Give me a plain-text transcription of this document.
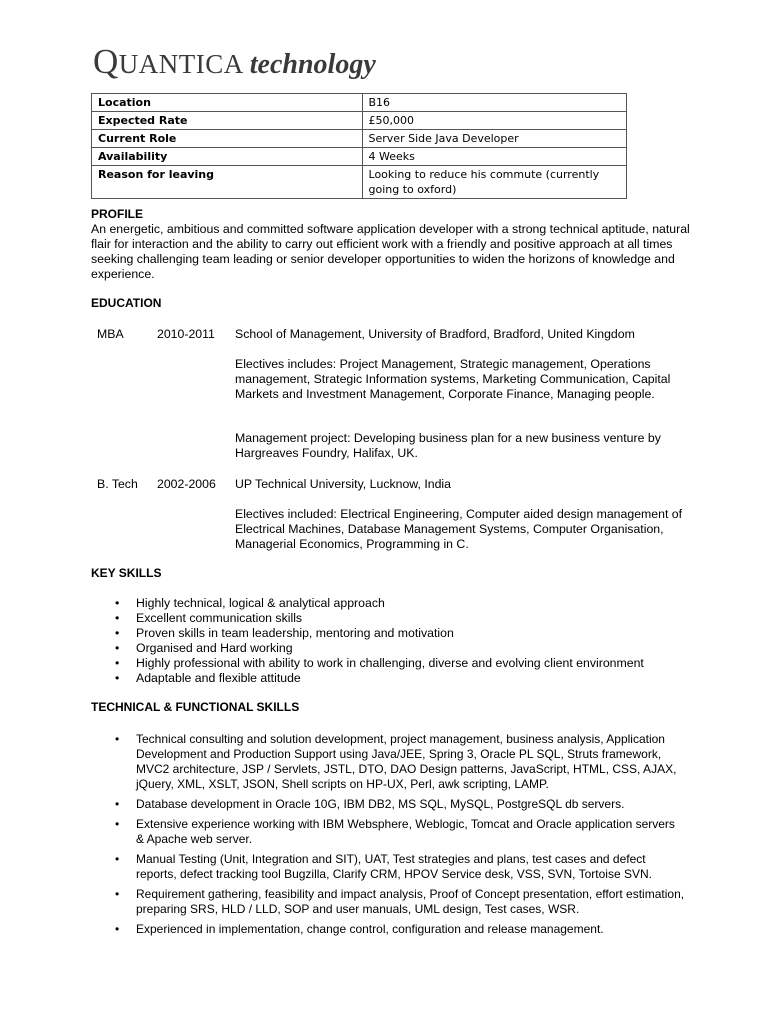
QUANTICA technology
Location	B16
Expected Rate	£50,000
Current Role	Server Side Java Developer
Availability	4 Weeks
Reason for leaving	Looking to reduce his commute (currently going to oxford)
PROFILE
An energetic, ambitious and committed software application developer with a strong technical aptitude, natural flair for interaction and the ability to carry out efficient work with a friendly and positive approach at all times seeking challenging team leading or senior developer opportunities to widen the horizons of knowledge and experience.
EDUCATION
MBA	2010-2011 School of Management, University of Bradford, Bradford, United Kingdom
Electives includes: Project Management, Strategic management, Operations management, Strategic Information systems, Marketing Communication, Capital Markets and Investment Management, Corporate Finance, Managing people.
Management project: Developing business plan for a new business venture by Hargreaves Foundry, Halifax, UK.
B. Tech 2002-2006 UP Technical University, Lucknow, India
Electives included: Electrical Engineering, Computer aided design management of Electrical Machines, Database Management Systems, Computer Organisation, Managerial Economics, Programming in C.
KEY SKILLS
• Highly technical, logical & analytical approach
• Excellent communication skills
• Proven skills in team leadership, mentoring and motivation
• Organised and Hard working
• Highly professional with ability to work in challenging, diverse and evolving client environment
• Adaptable and flexible attitude
TECHNICAL & FUNCTIONAL SKILLS
• Technical consulting and solution development, project management, business analysis, Application Development and Production Support using Java/JEE, Spring 3, Oracle PL SQL, Struts framework, MVC2 architecture, JSP / Servlets, JSTL, DTO, DAO Design patterns, JavaScript, HTML, CSS, AJAX, jQuery, XML, XSLT, JSON, Shell scripts on HP-UX, Perl, awk scripting, LAMP.
• Database development in Oracle 10G, IBM DB2, MS SQL, MySQL, PostgreSQL db servers.
• Extensive experience working with IBM Websphere, Weblogic, Tomcat and Oracle application servers & Apache web server.
• Manual Testing (Unit, Integration and SIT), UAT, Test strategies and plans, test cases and defect reports, defect tracking tool Bugzilla, Clarify CRM, HPOV Service desk, VSS, SVN, Tortoise SVN.
• Requirement gathering, feasibility and impact analysis, Proof of Concept presentation, effort estimation, preparing SRS, HLD / LLD, SOP and user manuals, UML design, Test cases, WSR.
• Experienced in implementation, change control, configuration and release management.
